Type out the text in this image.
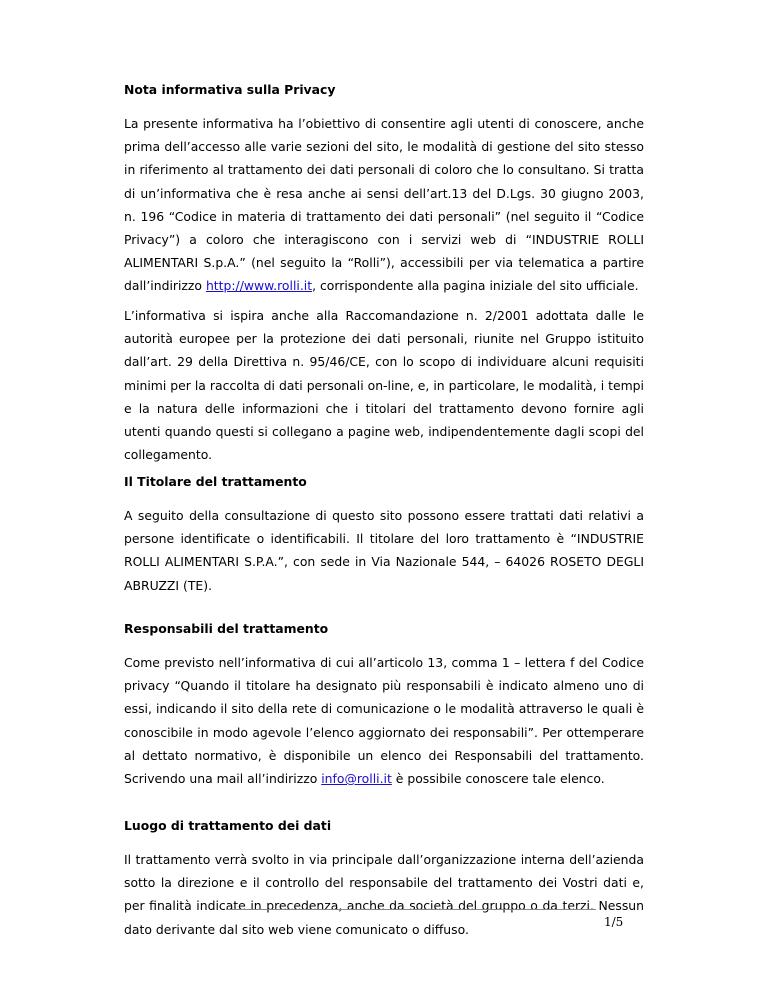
Nota informativa sulla Privacy

La presente informativa ha l’obiettivo di consentire agli utenti di conoscere, anche prima dell’accesso alle varie sezioni del sito, le modalità di gestione del sito stesso in riferimento al trattamento dei dati personali di coloro che lo consultano. Si tratta di un’informativa che è resa anche ai sensi dell’art.13 del D.Lgs. 30 giugno 2003, n. 196 “Codice in materia di trattamento dei dati personali” (nel seguito il “Codice Privacy”) a coloro che interagiscono con i servizi web di “INDUSTRIE ROLLI ALIMENTARI S.p.A.” (nel seguito la “Rolli”), accessibili per via telematica a partire dall’indirizzo http://www.rolli.it, corrispondente alla pagina iniziale del sito ufficiale.

L’informativa si ispira anche alla Raccomandazione n. 2/2001 adottata dalle le autorità europee per la protezione dei dati personali, riunite nel Gruppo istituito dall’art. 29 della Direttiva n. 95/46/CE, con lo scopo di individuare alcuni requisiti minimi per la raccolta di dati personali on-line, e, in particolare, le modalità, i tempi e la natura delle informazioni che i titolari del trattamento devono fornire agli utenti quando questi si collegano a pagine web, indipendentemente dagli scopi del collegamento.

Il Titolare del trattamento

A seguito della consultazione di questo sito possono essere trattati dati relativi a persone identificate o identificabili. Il titolare del loro trattamento è “INDUSTRIE ROLLI ALIMENTARI S.P.A.”, con sede in Via Nazionale 544, – 64026 ROSETO DEGLI ABRUZZI (TE).

Responsabili del trattamento

Come previsto nell’informativa di cui all’articolo 13, comma 1 – lettera f del Codice privacy “Quando il titolare ha designato più responsabili è indicato almeno uno di essi, indicando il sito della rete di comunicazione o le modalità attraverso le quali è conoscibile in modo agevole l’elenco aggiornato dei responsabili”. Per ottemperare al dettato normativo, è disponibile un elenco dei Responsabili del trattamento. Scrivendo una mail all’indirizzo info@rolli.it è possibile conoscere tale elenco.

Luogo di trattamento dei dati

Il trattamento verrà svolto in via principale dall’organizzazione interna dell’azienda sotto la direzione e il controllo del responsabile del trattamento dei Vostri dati e, per finalità indicate in precedenza, anche da società del gruppo o da terzi. Nessun dato derivante dal sito web viene comunicato o diffuso.	1/5
